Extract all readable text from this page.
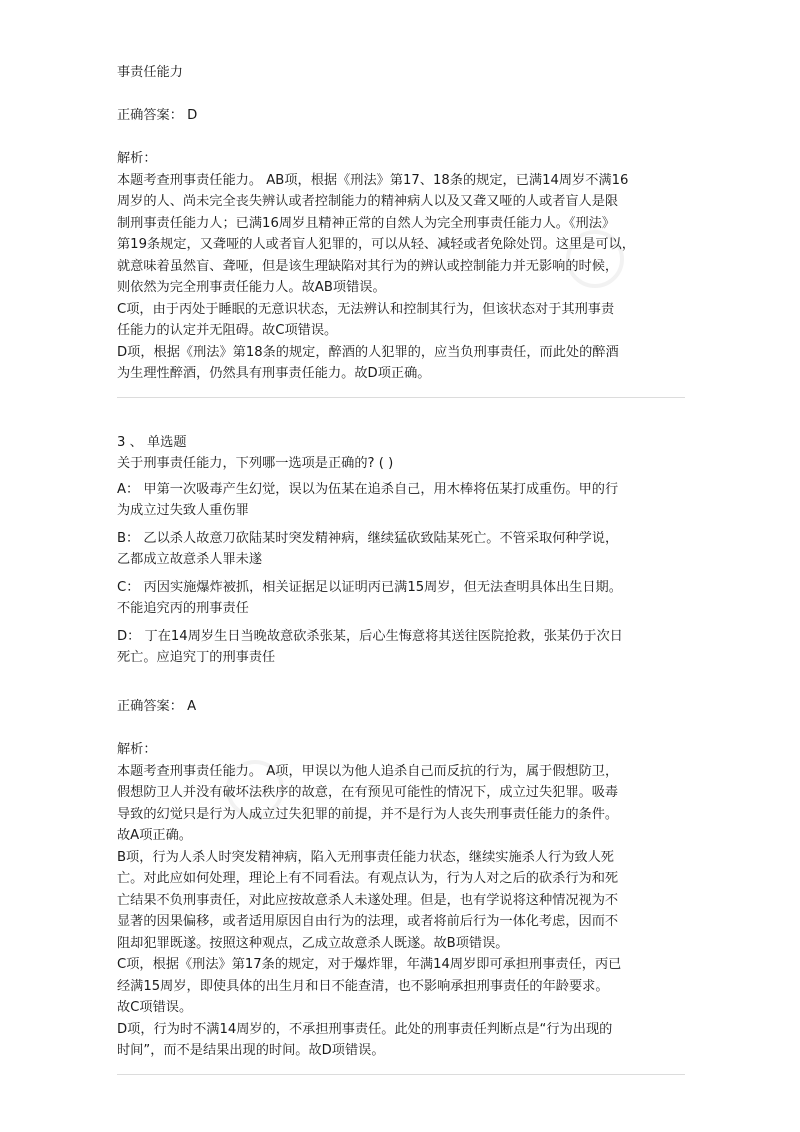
事责任能力
正确答案： D
解析：
本题考查刑事责任能力。 AB项，根据《刑法》第17、18条的规定，已满14周岁不满16
周岁的人、尚未完全丧失辨认或者控制能力的精神病人以及又聋又哑的人或者盲人是限
制刑事责任能力人；已满16周岁且精神正常的自然人为完全刑事责任能力人。《刑法》
第19条规定，又聋哑的人或者盲人犯罪的，可以从轻、减轻或者免除处罚。这里是可以，
就意味着虽然盲、聋哑，但是该生理缺陷对其行为的辨认或控制能力并无影响的时候，
则依然为完全刑事责任能力人。故AB项错误。
C项，由于丙处于睡眠的无意识状态，无法辨认和控制其行为，但该状态对于其刑事责
任能力的认定并无阻碍。故C项错误。
D项，根据《刑法》第18条的规定，醉酒的人犯罪的，应当负刑事责任，而此处的醉酒
为生理性醉酒，仍然具有刑事责任能力。故D项正确。
3 、 单选题
关于刑事责任能力，下列哪一选项是正确的? ( )
A： 甲第一次吸毒产生幻觉，误以为伍某在追杀自己，用木棒将伍某打成重伤。甲的行
为成立过失致人重伤罪
B： 乙以杀人故意刀砍陆某时突发精神病，继续猛砍致陆某死亡。不管采取何种学说，
乙都成立故意杀人罪未遂
C： 丙因实施爆炸被抓，相关证据足以证明丙已满15周岁，但无法查明具体出生日期。
不能追究丙的刑事责任
D： 丁在14周岁生日当晚故意砍杀张某，后心生悔意将其送往医院抢救，张某仍于次日
死亡。应追究丁的刑事责任
正确答案： A
解析：
本题考查刑事责任能力。 A项，甲误以为他人追杀自己而反抗的行为，属于假想防卫，
假想防卫人并没有破坏法秩序的故意，在有预见可能性的情况下，成立过失犯罪。吸毒
导致的幻觉只是行为人成立过失犯罪的前提，并不是行为人丧失刑事责任能力的条件。
故A项正确。
B项，行为人杀人时突发精神病，陷入无刑事责任能力状态，继续实施杀人行为致人死
亡。对此应如何处理，理论上有不同看法。有观点认为，行为人对之后的砍杀行为和死
亡结果不负刑事责任，对此应按故意杀人未遂处理。但是，也有学说将这种情况视为不
显著的因果偏移，或者适用原因自由行为的法理，或者将前后行为一体化考虑，因而不
阻却犯罪既遂。按照这种观点，乙成立故意杀人既遂。故B项错误。
C项，根据《刑法》第17条的规定，对于爆炸罪，年满14周岁即可承担刑事责任，丙已
经满15周岁，即使具体的出生月和日不能查清，也不影响承担刑事责任的年龄要求。
故C项错误。
D项，行为时不满14周岁的，不承担刑事责任。此处的刑事责任判断点是“行为出现的
时间”，而不是结果出现的时间。故D项错误。
